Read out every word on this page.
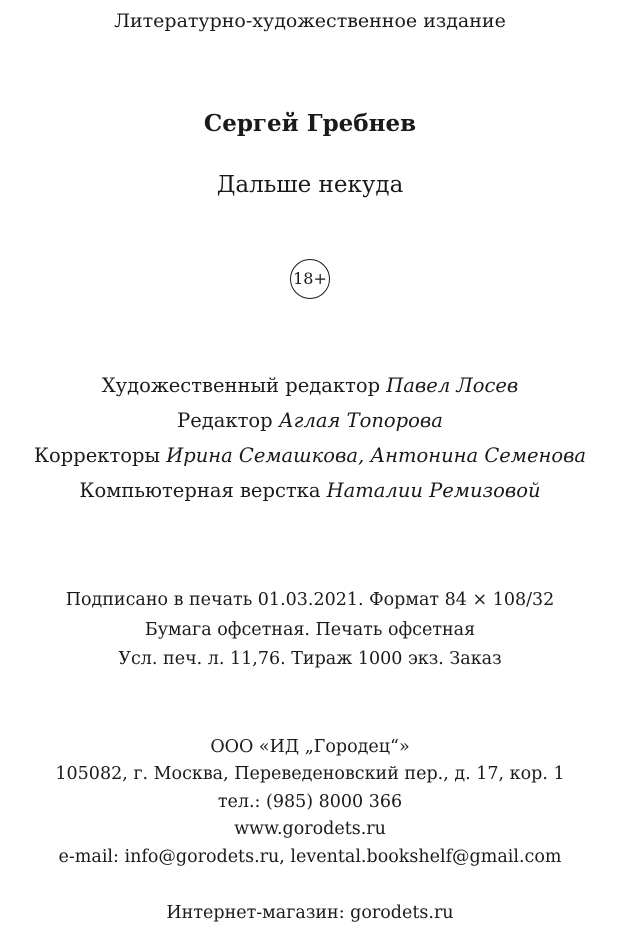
Литературно-художественное издание
Сергей Гребнев
Дальше некуда
18+
Художественный редактор Павел Лосев
Редактор Аглая Топорова
Корректоры Ирина Семашкова, Антонина Семенова
Компьютерная верстка Наталии Ремизовой
Подписано в печать 01.03.2021. Формат 84 × 108/32
Бумага офсетная. Печать офсетная
Усл. печ. л. 11,76. Тираж 1000 экз. Заказ
ООО «ИД „Городец“»
105082, г. Москва, Переведеновский пер., д. 17, кор. 1
тел.: (985) 8000 366
www.gorodets.ru
e-mail: info@gorodets.ru, levental.bookshelf@gmail.com
Интернет-магазин: gorodets.ru
